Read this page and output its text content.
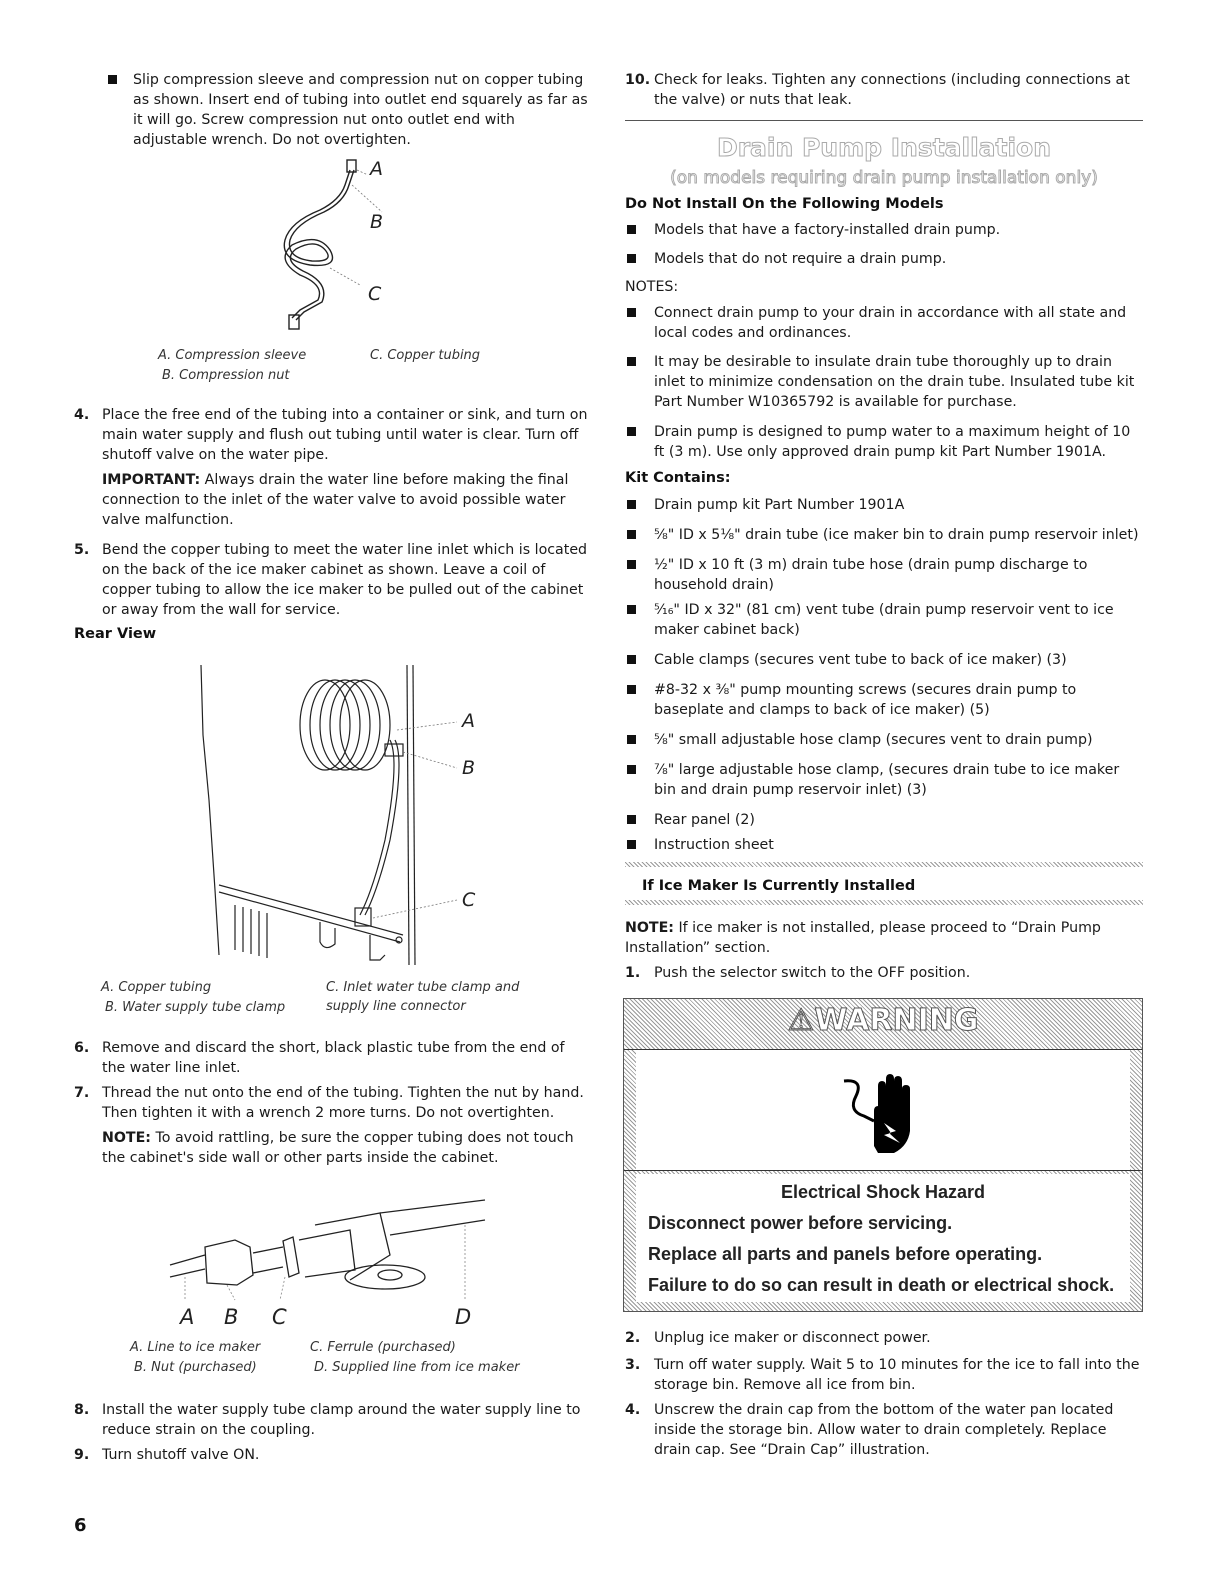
Slip compression sleeve and compression nut on copper tubing as shown. Insert end of tubing into outlet end squarely as far as it will go. Screw compression nut onto outlet end with adjustable wrench. Do not overtighten.
A
B
C
A. Compression sleeve
B. Compression nut
C. Copper tubing
4. Place the free end of the tubing into a container or sink, and turn on main water supply and flush out tubing until water is clear. Turn off shutoff valve on the water pipe.
IMPORTANT: Always drain the water line before making the final connection to the inlet of the water valve to avoid possible water valve malfunction.
5. Bend the copper tubing to meet the water line inlet which is located on the back of the ice maker cabinet as shown. Leave a coil of copper tubing to allow the ice maker to be pulled out of the cabinet or away from the wall for service.
Rear View
A
B
C
A. Copper tubing
B. Water supply tube clamp
C. Inlet water tube clamp and supply line connector
6. Remove and discard the short, black plastic tube from the end of the water line inlet.
7. Thread the nut onto the end of the tubing. Tighten the nut by hand. Then tighten it with a wrench 2 more turns. Do not overtighten.
NOTE: To avoid rattling, be sure the copper tubing does not touch the cabinet's side wall or other parts inside the cabinet.
A B C	D
A. Line to ice maker
B. Nut (purchased)
C. Ferrule (purchased)
D. Supplied line from ice maker
8. Install the water supply tube clamp around the water supply line to reduce strain on the coupling.
9. Turn shutoff valve ON.
10. Check for leaks. Tighten any connections (including connections at the valve) or nuts that leak.
Drain Pump Installation
(on models requiring drain pump installation only)
Do Not Install On the Following Models
Models that have a factory-installed drain pump.
Models that do not require a drain pump.
NOTES:
Connect drain pump to your drain in accordance with all state and local codes and ordinances.
It may be desirable to insulate drain tube thoroughly up to drain inlet to minimize condensation on the drain tube. Insulated tube kit Part Number W10365792 is available for purchase.
Drain pump is designed to pump water to a maximum height of 10 ft (3 m). Use only approved drain pump kit Part Number 1901A.
Kit Contains:
Drain pump kit Part Number 1901A
⅝" ID x 5⅛" drain tube (ice maker bin to drain pump reservoir inlet)
½" ID x 10 ft (3 m) drain tube hose (drain pump discharge to household drain)
⁵⁄₁₆" ID x 32" (81 cm) vent tube (drain pump reservoir vent to ice maker cabinet back)
Cable clamps (secures vent tube to back of ice maker) (3)
#8-32 x ⅜" pump mounting screws (secures drain pump to baseplate and clamps to back of ice maker) (5)
⅝" small adjustable hose clamp (secures vent to drain pump)
⅞" large adjustable hose clamp, (secures drain tube to ice maker bin and drain pump reservoir inlet) (3)
Rear panel (2)
Instruction sheet
If Ice Maker Is Currently Installed
NOTE: If ice maker is not installed, please proceed to “Drain Pump Installation” section.
1. Push the selector switch to the OFF position.
⚠WARNING
Electrical Shock Hazard
Disconnect power before servicing.
Replace all parts and panels before operating.
Failure to do so can result in death or electrical shock.
2. Unplug ice maker or disconnect power.
3. Turn off water supply. Wait 5 to 10 minutes for the ice to fall into the storage bin. Remove all ice from bin.
4. Unscrew the drain cap from the bottom of the water pan located inside the storage bin. Allow water to drain completely. Replace drain cap. See “Drain Cap” illustration.
6
